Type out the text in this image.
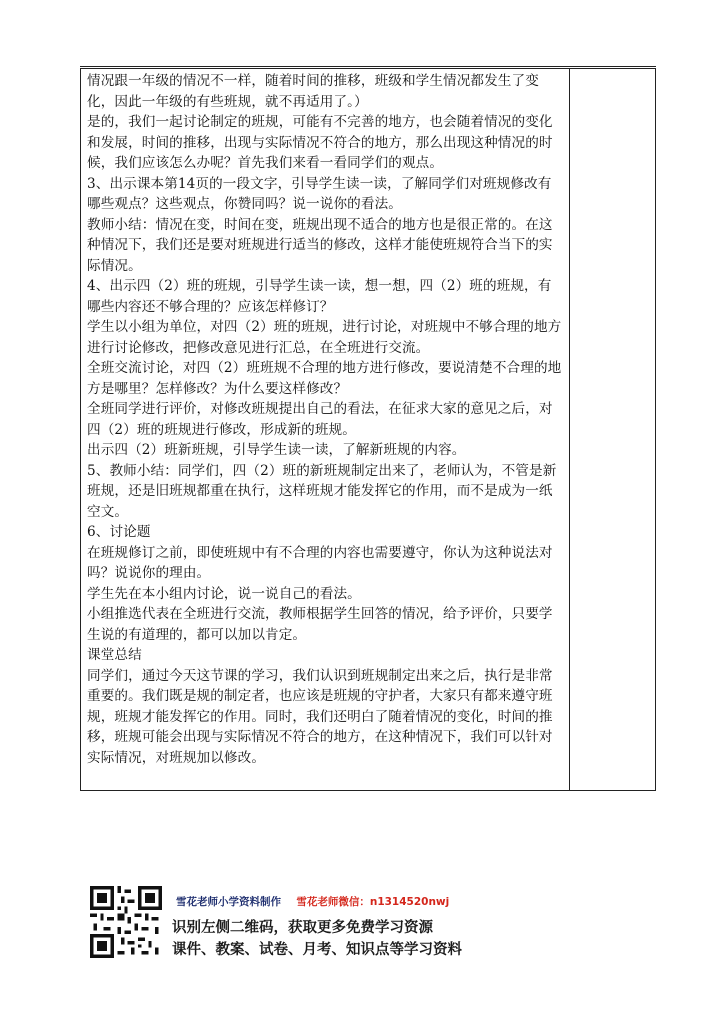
情况跟一年级的情况不一样，随着时间的推移，班级和学生情况都发生了变化，因此一年级的有些班规，就不再适用了。）

是的，我们一起讨论制定的班规，可能有不完善的地方，也会随着情况的变化和发展，时间的推移，出现与实际情况不符合的地方，那么出现这种情况的时候，我们应该怎么办呢？首先我们来看一看同学们的观点。

3、出示课本第14页的一段文字，引导学生读一读，了解同学们对班规修改有哪些观点？这些观点，你赞同吗？说一说你的看法。

教师小结：情况在变，时间在变，班规出现不适合的地方也是很正常的。在这种情况下，我们还是要对班规进行适当的修改，这样才能使班规符合当下的实际情况。

4、出示四（2）班的班规，引导学生读一读，想一想，四（2）班的班规，有哪些内容还不够合理的？应该怎样修订？

学生以小组为单位，对四（2）班的班规，进行讨论，对班规中不够合理的地方进行讨论修改，把修改意见进行汇总，在全班进行交流。

全班交流讨论，对四（2）班班规不合理的地方进行修改，要说清楚不合理的地方是哪里？怎样修改？为什么要这样修改？

全班同学进行评价，对修改班规提出自己的看法，在征求大家的意见之后，对四（2）班的班规进行修改，形成新的班规。

出示四（2）班新班规，引导学生读一读，了解新班规的内容。

5、教师小结：同学们，四（2）班的新班规制定出来了，老师认为，不管是新班规，还是旧班规都重在执行，这样班规才能发挥它的作用，而不是成为一纸空文。

6、讨论题

在班规修订之前，即使班规中有不合理的内容也需要遵守，你认为这种说法对吗？说说你的理由。

学生先在本小组内讨论，说一说自己的看法。

小组推选代表在全班进行交流，教师根据学生回答的情况，给予评价，只要学生说的有道理的，都可以加以肯定。

课堂总结

同学们，通过今天这节课的学习，我们认识到班规制定出来之后，执行是非常重要的。我们既是规的制定者，也应该是班规的守护者，大家只有都来遵守班规，班规才能发挥它的作用。同时，我们还明白了随着情况的变化，时间的推移，班规可能会出现与实际情况不符合的地方，在这种情况下，我们可以针对实际情况，对班规加以修改。

雪花老师小学资料制作 雪花老师微信：n1314520nwj
识别左侧二维码，获取更多免费学习资源
课件、教案、试卷、月考、知识点等学习资料
